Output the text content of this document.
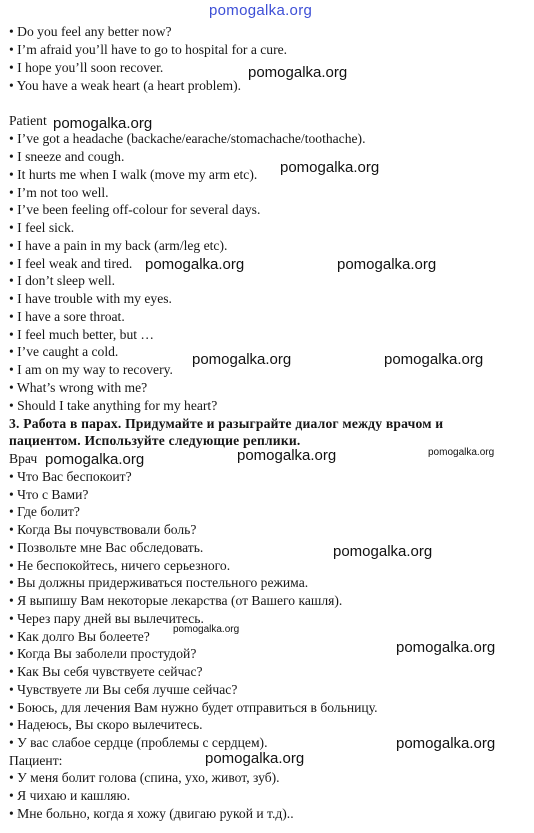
• Do you feel any better now?
• I’m afraid you’ll have to go to hospital for a cure.
• I hope you’ll soon recover.
• You have a weak heart (a heart problem).
Patient
• I’ve got a headache (backache/earache/stomachache/toothache).
• I sneeze and cough.
• It hurts me when I walk (move my arm etc).
• I’m not too well.
• I’ve been feeling off-colour for several days.
• I feel sick.
• I have a pain in my back (arm/leg etc).
• I feel weak and tired.
• I don’t sleep well.
• I have trouble with my eyes.
• I have a sore throat.
• I feel much better, but …
• I’ve caught a cold.
• I am on my way to recovery.
• What’s wrong with me?
• Should I take anything for my heart?
3. Работа в парах. Придумайте и разыграйте диалог между врачом и
пациентом. Используйте следующие реплики.
Врач
• Что Вас беспокоит?
• Что с Вами?
• Где болит?
• Когда Вы почувствовали боль?
• Позвольте мне Вас обследовать.
• Не беспокойтесь, ничего серьезного.
• Вы должны придерживаться постельного режима.
• Я выпишу Вам некоторые лекарства (от Вашего кашля).
• Через пару дней вы вылечитесь.
• Как долго Вы болеете?
• Когда Вы заболели простудой?
• Как Вы себя чувствуете сейчас?
• Чувствуете ли Вы себя лучше сейчас?
• Боюсь, для лечения Вам нужно будет отправиться в больницу.
• Надеюсь, Вы скоро вылечитесь.
• У вас слабое сердце (проблемы с сердцем).
Пациент:
• У меня болит голова (спина, ухо, живот, зуб).
• Я чихаю и кашляю.
• Мне больно, когда я хожу (двигаю рукой и т.д)..
pomogalka.org
pomogalka.org
pomogalka.org
pomogalka.org
pomogalka.org	pomogalka.org
pomogalka.org	pomogalka.org
pomogalka.org	pomogalka.org	pomogalka.org
pomogalka.org
pomogalka.org
pomogalka.org
pomogalka.org
pomogalka.org
